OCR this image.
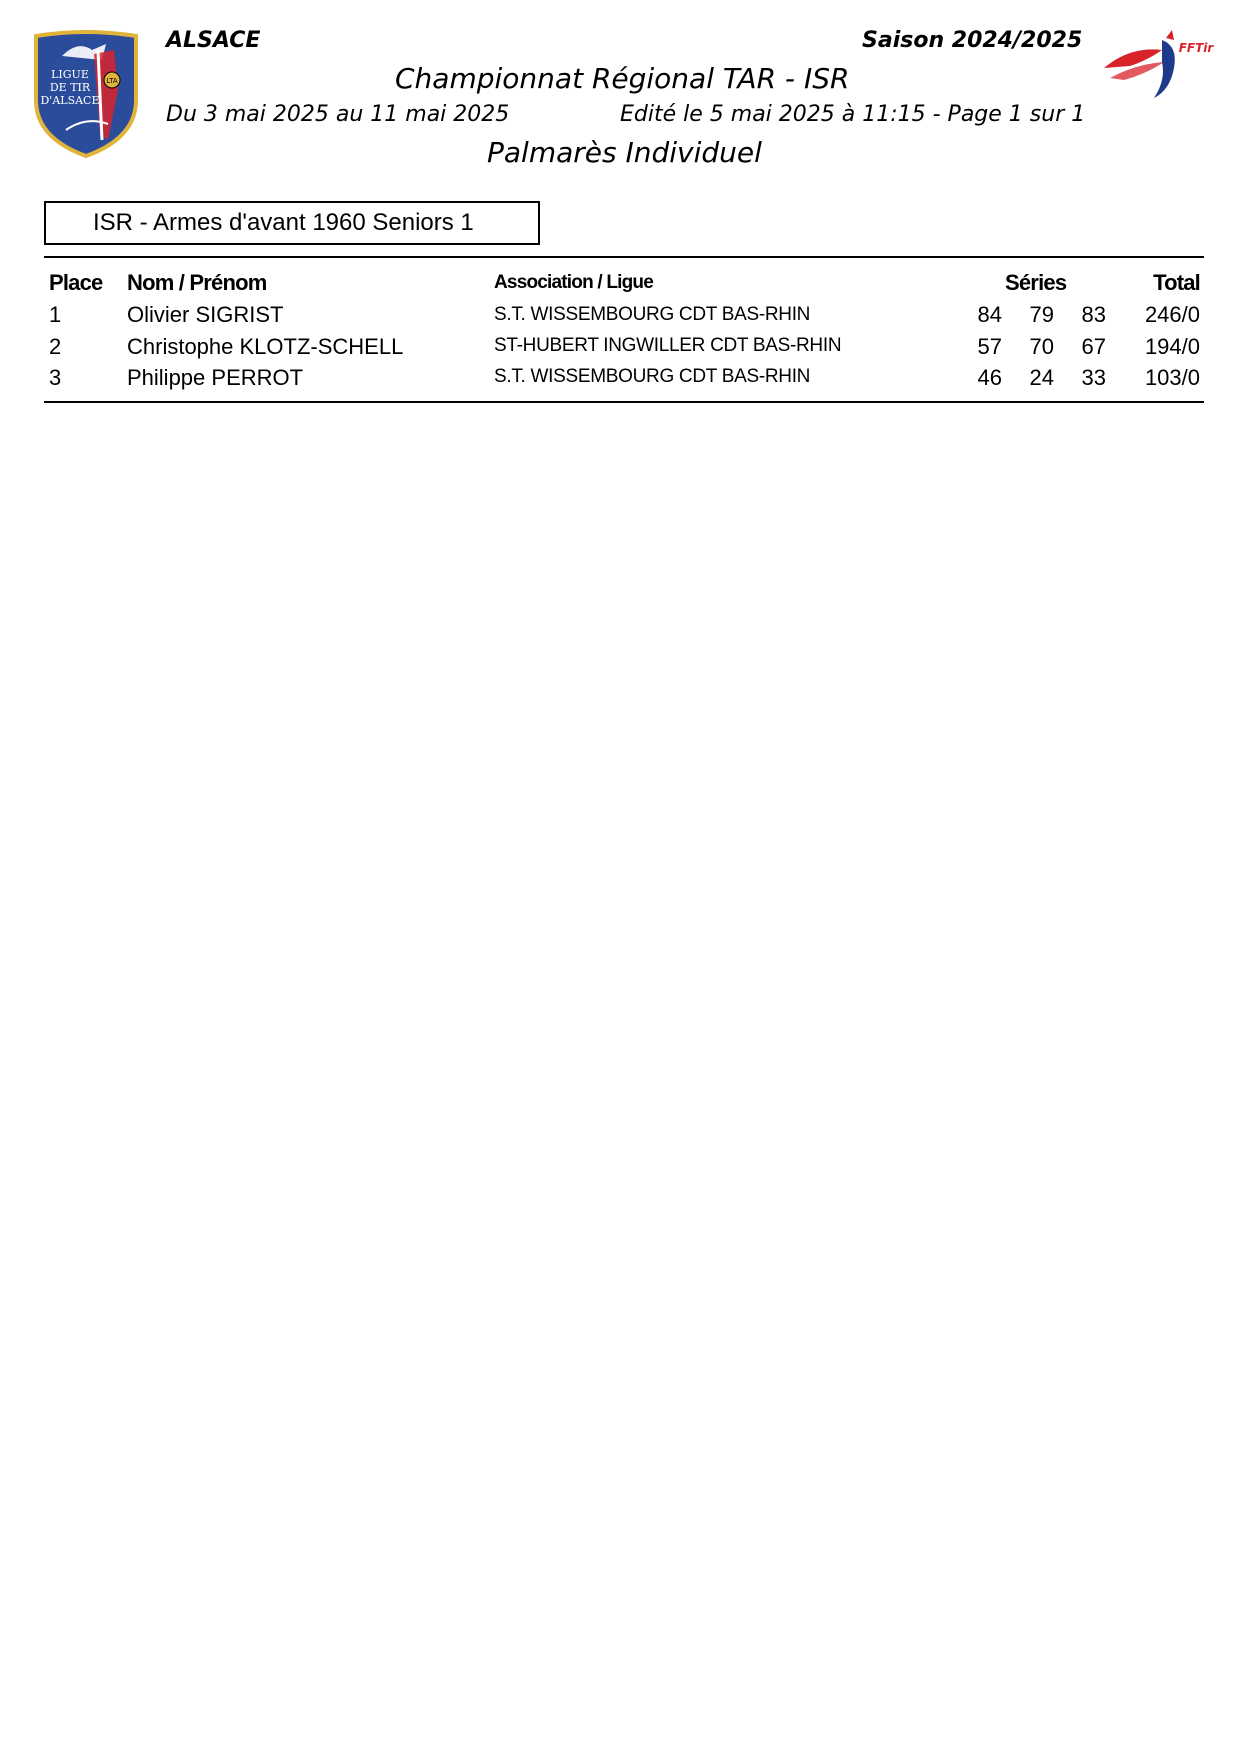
LTA
LIGUE
DE TIR
D'ALSACE
FFTir
ALSACE	Saison 2024/2025
Championnat Régional TAR - ISR
Du 3 mai 2025 au 11 mai 2025	Edité le 5 mai 2025 à 11:15 - Page 1 sur 1
Palmarès Individuel
ISR - Armes d'avant 1960 Seniors 1
Place Nom / Prénom	Association / Ligue	Séries	Total
1	Olivier SIGRIST	S.T. WISSEMBOURG CDT BAS-RHIN	84	79	83	246/0
2	Christophe KLOTZ-SCHELL	ST-HUBERT INGWILLER CDT BAS-RHIN	57	70	67	194/0
3	Philippe PERROT	S.T. WISSEMBOURG CDT BAS-RHIN	46	24	33	103/0
